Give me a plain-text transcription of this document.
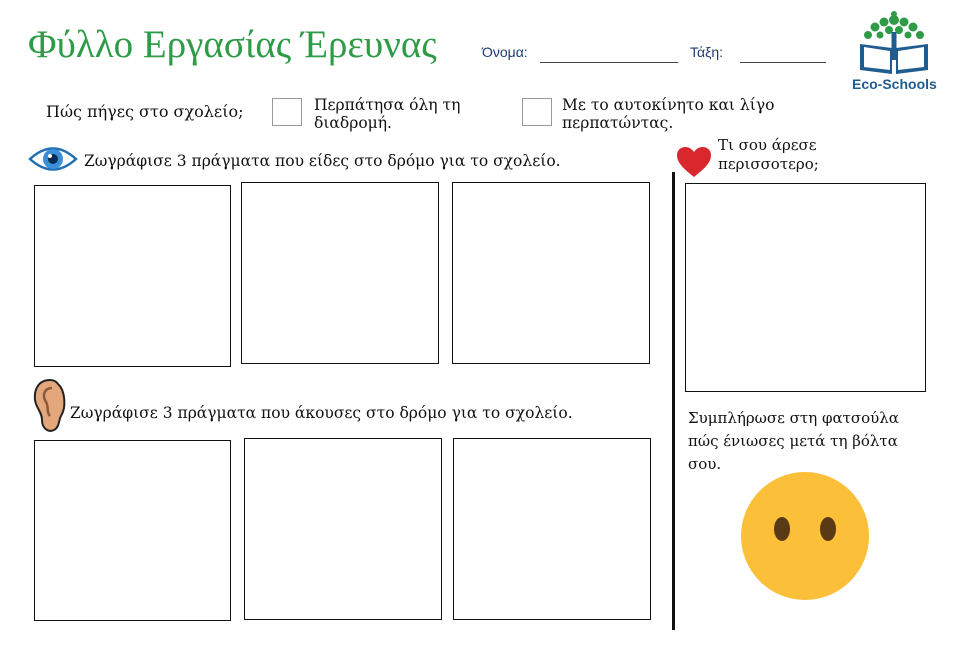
Φύλλο Εργασίας Έρευνας	Όνομα:	Τάξη:
Eco-Schools
Πώς πήγες στο σχολείο;	Περπάτησα όλη τη διαδρομή.
Με το αυτοκίνητο και λίγο περπατώντας.
Ζωγράφισε 3 πράγματα που είδες στο δρόμο για το σχολείο.
Ζωγράφισε 3 πράγματα που άκουσες στο δρόμο για το σχολείο.
Τι σου άρεσε περισσοτερο;
Συμπλήρωσε στη φατσούλα πώς ένιωσες μετά τη βόλτα σου.
